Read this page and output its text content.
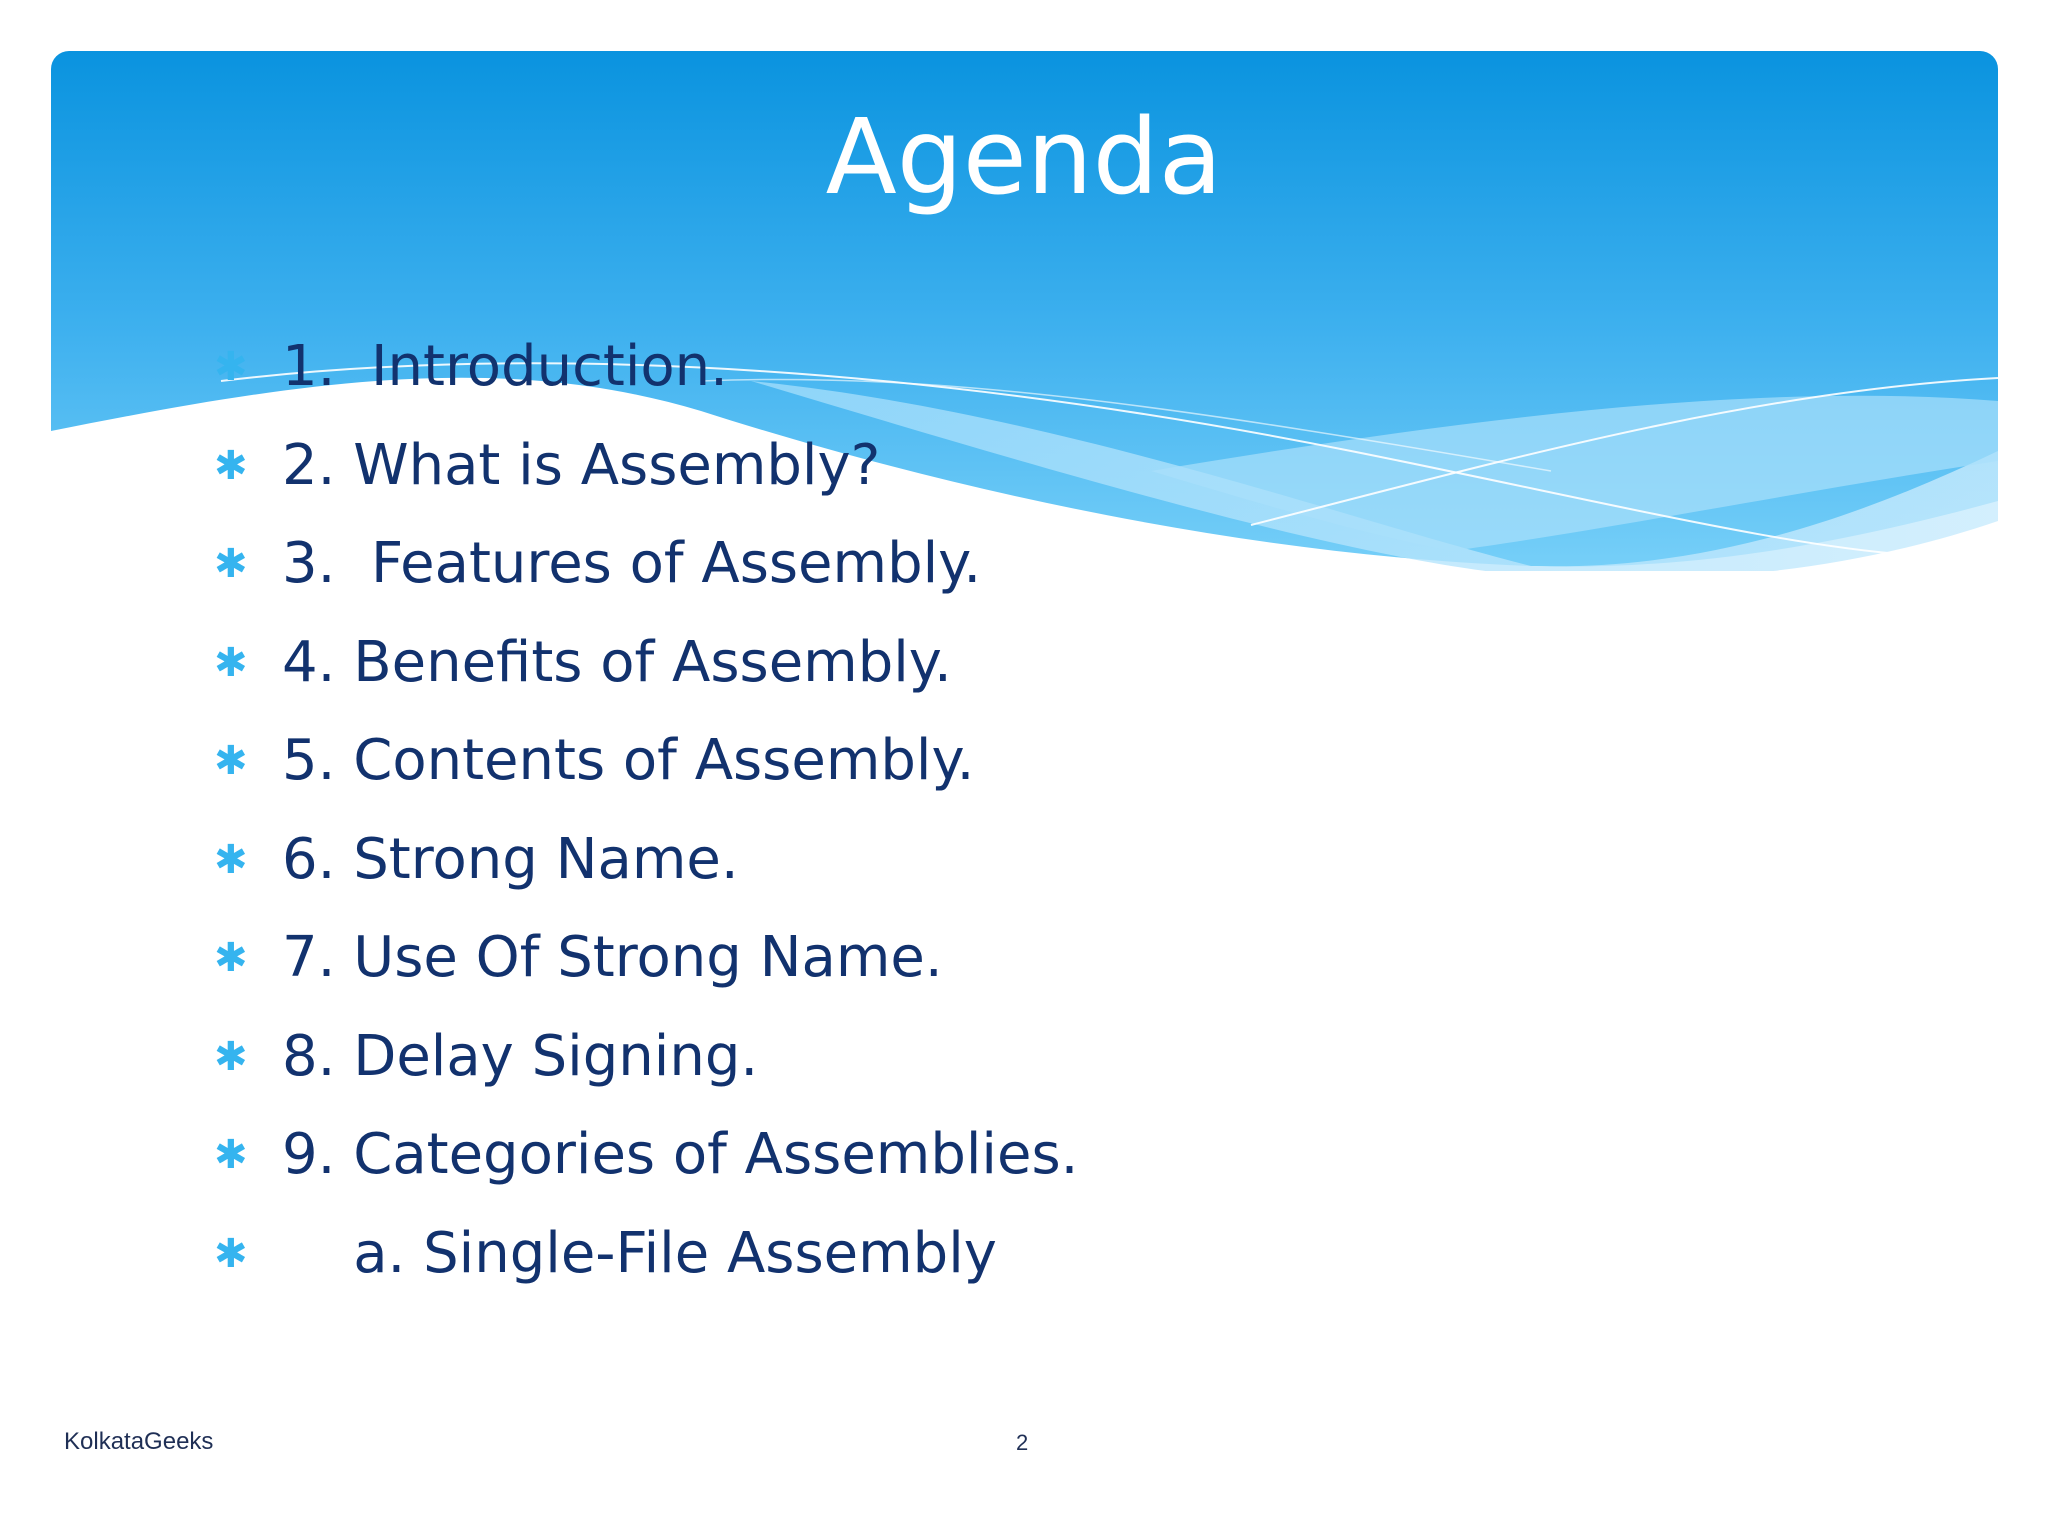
Agenda
✱ 1.  Introduction.
✱ 2. What is Assembly?
✱ 3.  Features of Assembly.
✱ 4. Benefits of Assembly.
✱ 5. Contents of Assembly.
✱ 6. Strong Name.
✱ 7. Use Of Strong Name.
✱ 8. Delay Signing.
✱ 9. Categories of Assemblies.
✱ a. Single-File Assembly
KolkataGeeks	2
